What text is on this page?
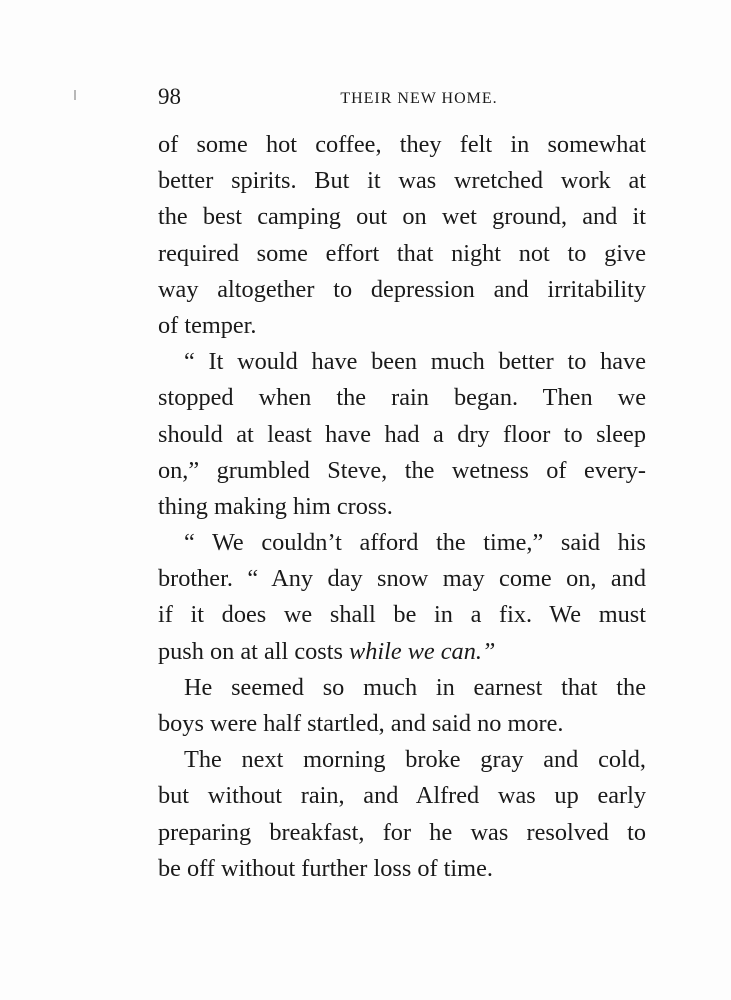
98	THEIR NEW HOME.
of some hot coffee, they felt in somewhat
better spirits. But it was wretched work at
the best camping out on wet ground, and it
required some effort that night not to give
way altogether to depression and irritability
of temper.
“ It would have been much better to have
stopped when the rain began. Then we
should at least have had a dry floor to sleep
on,” grumbled Steve, the wetness of every-
thing making him cross.
“ We couldn’t afford the time,” said his
brother. “ Any day snow may come on, and
if it does we shall be in a fix. We must
push on at all costs while we can.”
He seemed so much in earnest that the
boys were half startled, and said no more.
The next morning broke gray and cold,
but without rain, and Alfred was up early
preparing breakfast, for he was resolved to
be off without further loss of time.
